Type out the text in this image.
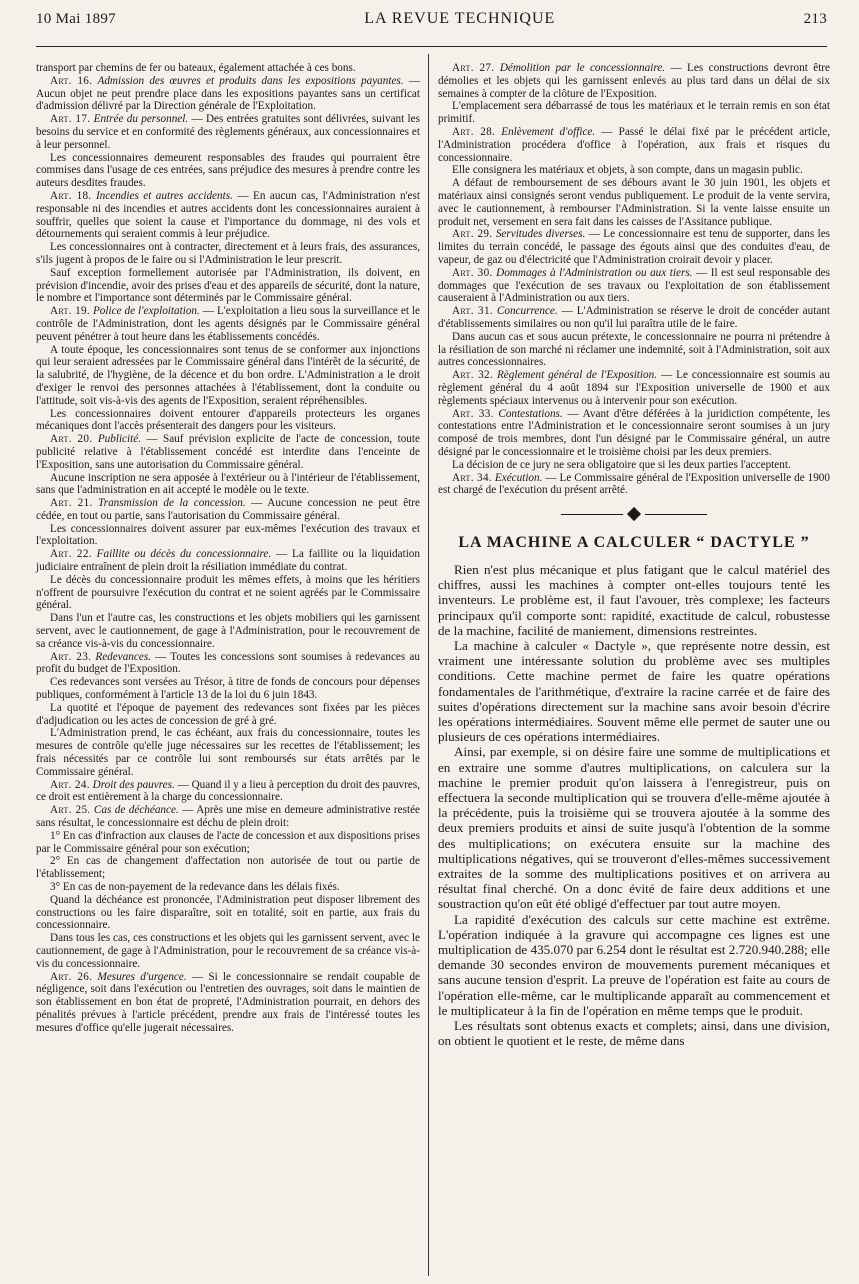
10 Mai 1897	LA REVUE TECHNIQUE	213

transport par chemins de fer ou bateaux, également attachée à ces bons.

Art. 16. Admission des œuvres et produits dans les expositions payantes. — Aucun objet ne peut prendre place dans les expositions payantes sans un certificat d'admission délivré par la Direction générale de l'Exploitation.

Art. 17. Entrée du personnel. — Des entrées gratuites sont délivrées, suivant les besoins du service et en conformité des règlements généraux, aux concessionnaires et à leur personnel.

Les concessionnaires demeurent responsables des fraudes qui pourraient être commises dans l'usage de ces entrées, sans préjudice des mesures à prendre contre les auteurs desdites fraudes.

Art. 18. Incendies et autres accidents. — En aucun cas, l'Administration n'est responsable ni des incendies et autres accidents dont les concessionnaires auraient à souffrir, quelles que soient la cause et l'importance du dommage, ni des vols et détournements qui seraient commis à leur préjudice.

Les concessionnaires ont à contracter, directement et à leurs frais, des assurances, s'ils jugent à propos de le faire ou si l'Administration le leur prescrit.

Sauf exception formellement autorisée par l'Administration, ils doivent, en prévision d'incendie, avoir des prises d'eau et des appareils de sécurité, dont la nature, le nombre et l'importance sont déterminés par le Commissaire général.

Art. 19. Police de l'exploitation. — L'exploitation a lieu sous la surveillance et le contrôle de l'Administration, dont les agents désignés par le Commissaire général peuvent pénétrer à tout heure dans les établissements concédés.

A toute époque, les concessionnaires sont tenus de se conformer aux injonctions qui leur seraient adressées par le Commissaire général dans l'intérêt de la sécurité, de la salubrité, de l'hygiène, de la décence et du bon ordre. L'Administration a le droit d'exiger le renvoi des personnes attachées à l'établissement, dont la conduite ou l'attitude, soit vis-à-vis des agents de l'Exposition, seraient répréhensibles.

Les concessionnaires doivent entourer d'appareils protecteurs les organes mécaniques dont l'accès présenterait des dangers pour les visiteurs.

Art. 20. Publicité. — Sauf prévision explicite de l'acte de concession, toute publicité relative à l'établissement concédé est interdite dans l'enceinte de l'Exposition, sans une autorisation du Commissaire général.

Aucune inscription ne sera apposée à l'extérieur ou à l'intérieur de l'établissement, sans que l'administration en ait accepté le modèle ou le texte.

Art. 21. Transmission de la concession. — Aucune concession ne peut être cédée, en tout ou partie, sans l'autorisation du Commissaire général.

Les concessionnaires doivent assurer par eux-mêmes l'exécution des travaux et l'exploitation.

Art. 22. Faillite ou décès du concessionnaire. — La faillite ou la liquidation judiciaire entraînent de plein droit la résiliation immédiate du contrat.

Le décès du concessionnaire produit les mêmes effets, à moins que les héritiers n'offrent de poursuivre l'exécution du contrat et ne soient agréés par le Commissaire général.

Dans l'un et l'autre cas, les constructions et les objets mobiliers qui les garnissent servent, avec le cautionnement, de gage à l'Administration, pour le recouvrement de sa créance vis-à-vis du concessionnaire.

Art. 23. Redevances. — Toutes les concessions sont soumises à redevances au profit du budget de l'Exposition.

Ces redevances sont versées au Trésor, à titre de fonds de concours pour dépenses publiques, conformément à l'article 13 de la loi du 6 juin 1843.

La quotité et l'époque de payement des redevances sont fixées par les pièces d'adjudication ou les actes de concession de gré à gré.

L'Administration prend, le cas échéant, aux frais du concessionnaire, toutes les mesures de contrôle qu'elle juge nécessaires sur les recettes de l'établissement; les frais nécessités par ce contrôle lui sont remboursés sur états arrêtés par le Commissaire général.

Art. 24. Droit des pauvres. — Quand il y a lieu à perception du droit des pauvres, ce droit est entièrement à la charge du concessionnaire.

Art. 25. Cas de déchéance. — Après une mise en demeure administrative restée sans résultat, le concessionnaire est déchu de plein droit:

1° En cas d'infraction aux clauses de l'acte de concession et aux dispositions prises par le Commissaire général pour son exécution;

2° En cas de changement d'affectation non autorisée de tout ou partie de l'établissement;

3° En cas de non-payement de la redevance dans les délais fixés.

Quand la déchéance est prononcée, l'Administration peut disposer librement des constructions ou les faire disparaître, soit en totalité, soit en partie, aux frais du concessionnaire.

Dans tous les cas, ces constructions et les objets qui les garnissent servent, avec le cautionnement, de gage à l'Administration, pour le recouvrement de sa créance vis-à-vis du concessionnaire.

Art. 26. Mesures d'urgence. — Si le concessionnaire se rendait coupable de négligence, soit dans l'exécution ou l'entretien des ouvrages, soit dans le maintien de son établissement en bon état de propreté, l'Administration pourrait, en dehors des pénalités prévues à l'article précédent, prendre aux frais de l'intéressé toutes les mesures d'office qu'elle jugerait nécessaires.

Art. 27. Démolition par le concessionnaire. — Les constructions devront être démolies et les objets qui les garnissent enlevés au plus tard dans un délai de six semaines à compter de la clôture de l'Exposition.

L'emplacement sera débarrassé de tous les matériaux et le terrain remis en son état primitif.

Art. 28. Enlèvement d'office. — Passé le délai fixé par le précédent article, l'Administration procédera d'office à l'opération, aux frais et risques du concessionnaire.

Elle consignera les matériaux et objets, à son compte, dans un magasin public.

A défaut de remboursement de ses débours avant le 30 juin 1901, les objets et matériaux ainsi consignés seront vendus publiquement. Le produit de la vente servira, avec le cautionnement, à rembourser l'Administration. Si la vente laisse ensuite un produit net, versement en sera fait dans les caisses de l'Assitance publique.

Art. 29. Servitudes diverses. — Le concessionnaire est tenu de supporter, dans les limites du terrain concédé, le passage des égouts ainsi que des conduites d'eau, de vapeur, de gaz ou d'électricité que l'Administration croirait devoir y placer.

Art. 30. Dommages à l'Administration ou aux tiers. — Il est seul responsable des dommages que l'exécution de ses travaux ou l'exploitation de son établissement causeraient à l'Administration ou aux tiers.

Art. 31. Concurrence. — L'Administration se réserve le droit de concéder autant d'établissements similaires ou non qu'il lui paraîtra utile de le faire.

Dans aucun cas et sous aucun prétexte, le concessionnaire ne pourra ni prétendre à la résiliation de son marché ni réclamer une indemnité, soit à l'Administration, soit aux autres concessionnaires.

Art. 32. Règlement général de l'Exposition. — Le concessionnaire est soumis au règlement général du 4 août 1894 sur l'Exposition universelle de 1900 et aux règlements spéciaux intervenus ou à intervenir pour son exécution.

Art. 33. Contestations. — Avant d'être déférées à la juridiction compétente, les contestations entre l'Administration et le concessionnaire seront soumises à un jury composé de trois membres, dont l'un désigné par le Commissaire général, un autre désigné par le concessionnaire et le troisième choisi par les deux premiers.

La décision de ce jury ne sera obligatoire que si les deux parties l'acceptent.

Art. 34. Exécution. — Le Commissaire général de l'Exposition universelle de 1900 est chargé de l'exécution du présent arrêté.

LA MACHINE A CALCULER “ DACTYLE ”

Rien n'est plus mécanique et plus fatigant que le calcul matériel des chiffres, aussi les machines à compter ont-elles toujours tenté les inventeurs. Le problème est, il faut l'avouer, très complexe; les facteurs principaux qu'il comporte sont: rapidité, exactitude de calcul, robustesse de la machine, facilité de maniement, dimensions restreintes.

La machine à calculer « Dactyle », que représente notre dessin, est vraiment une intéressante solution du problème avec ses multiples conditions. Cette machine permet de faire les quatre opérations fondamentales de l'arithmétique, d'extraire la racine carrée et de faire des suites d'opérations directement sur la machine sans avoir besoin d'écrire les opérations intermédiaires. Souvent même elle permet de sauter une ou plusieurs de ces opérations intermédiaires.

Ainsi, par exemple, si on désire faire une somme de multiplications et en extraire une somme d'autres multiplications, on calculera sur la machine le premier produit qu'on laissera à l'enregistreur, puis on effectuera la seconde multiplication qui se trouvera d'elle-même ajoutée à la précédente, puis la troisième qui se trouvera ajoutée à la somme des deux premiers produits et ainsi de suite jusqu'à l'obtention de la somme des multiplications; on exécutera ensuite sur la machine des multiplications négatives, qui se trouveront d'elles-mêmes successivement extraites de la somme des multiplications positives et on arrivera au résultat final cherché. On a donc évité de faire deux additions et une soustraction qu'on eût été obligé d'effectuer par tout autre moyen.

La rapidité d'exécution des calculs sur cette machine est extrême. L'opération indiquée à la gravure qui accompagne ces lignes est une multiplication de 435.070 par 6.254 dont le résultat est 2.720.940.288; elle demande 30 secondes environ de mouvements purement mécaniques et sans aucune tension d'esprit. La preuve de l'opération est faite au cours de l'opération elle-même, car le multiplicande apparaît au commencement et le multiplicateur à la fin de l'opération en même temps que le produit.

Les résultats sont obtenus exacts et complets; ainsi, dans une division, on obtient le quotient et le reste, de même dans
